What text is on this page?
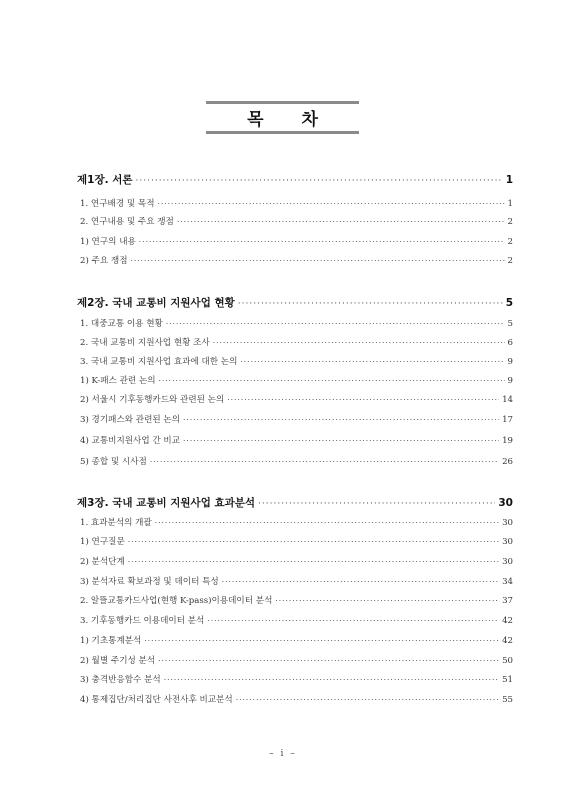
목 차
제1장. 서론 ·····	1
1. 연구배경 및 목적 ·····	1
2. 연구내용 및 주요 쟁점 ·····	2
1) 연구의 내용 ·····	2
2) 주요 쟁점 ·····	2
제2장. 국내 교통비 지원사업 현황 ·····	5
1. 대중교통 이용 현황 ·····	5
2. 국내 교통비 지원사업 현황 조사 ·····	6
3. 국내 교통비 지원사업 효과에 대한 논의 ·····	9
1) K-패스 관련 논의 ·····	9
2) 서울시 기후동행카드와 관련된 논의 ·····	14
3) 경기패스와 관련된 논의 ·····	17
4) 교통비지원사업 간 비교 ·····	19
5) 종합 및 시사점 ·····	26
제3장. 국내 교통비 지원사업 효과분석 ·····	30
1. 효과분석의 개괄 ·····	30
1) 연구질문 ·····	30
2) 분석단계 ·····	30
3) 분석자료 확보과정 및 데이터 특성 ·····	34
2. 알뜰교통카드사업(현행 K-pass)이용데이터 분석 ·····	37
3. 기후동행카드 이용데이터 분석 ·····	42
1) 기초통계분석 ·····	42
2) 월별 주기성 분석 ·····	50
3) 충격반응함수 분석 ·····	51
4) 통제집단/처리집단 사전사후 비교분석 ·····	55
– i –
